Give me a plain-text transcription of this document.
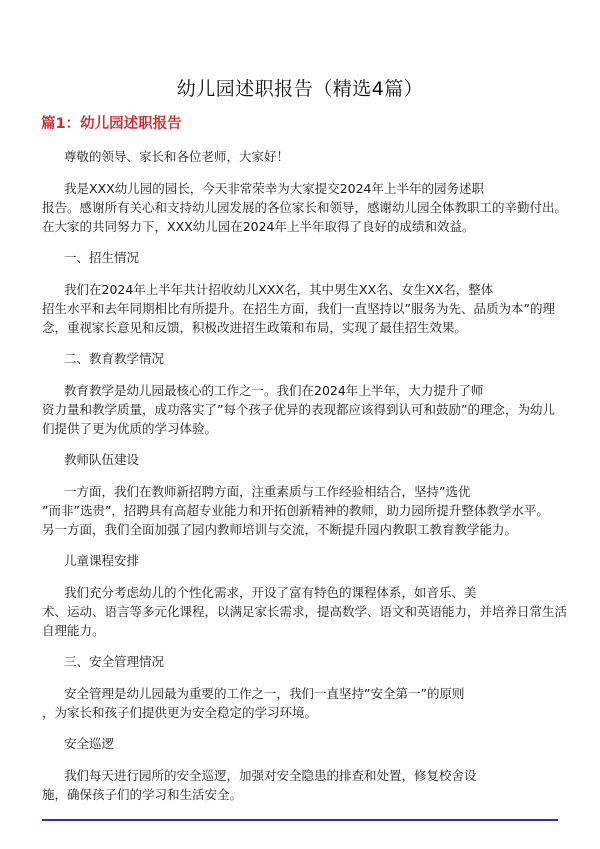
幼儿园述职报告（精选4篇）
篇1：幼儿园述职报告
尊敬的领导、家长和各位老师，大家好！
我是XXX幼儿园的园长，今天非常荣幸为大家提交2024年上半年的园务述职
报告。感谢所有关心和支持幼儿园发展的各位家长和领导，感谢幼儿园全体教职工的辛勤付出。
在大家的共同努力下，XXX幼儿园在2024年上半年取得了良好的成绩和效益。
一、招生情况
我们在2024年上半年共计招收幼儿XXX名，其中男生XX名、女生XX名，整体
招生水平和去年同期相比有所提升。在招生方面，我们一直坚持以”服务为先、品质为本”的理
念，重视家长意见和反馈，积极改进招生政策和布局，实现了最佳招生效果。
二、教育教学情况
教育教学是幼儿园最核心的工作之一。我们在2024年上半年，大力提升了师
资力量和教学质量，成功落实了”每个孩子优异的表现都应该得到认可和鼓励”的理念，为幼儿
们提供了更为优质的学习体验。
教师队伍建设
一方面，我们在教师新招聘方面，注重素质与工作经验相结合，坚持”选优
”而非”选贵”，招聘具有高超专业能力和开拓创新精神的教师，助力园所提升整体教学水平。
另一方面，我们全面加强了园内教师培训与交流，不断提升园内教职工教育教学能力。
儿童课程安排
我们充分考虑幼儿的个性化需求，开设了富有特色的课程体系，如音乐、美
术、运动、语言等多元化课程，以满足家长需求，提高数学、语文和英语能力，并培养日常生活
自理能力。
三、安全管理情况
安全管理是幼儿园最为重要的工作之一，我们一直坚持”安全第一”的原则
，为家长和孩子们提供更为安全稳定的学习环境。
安全巡逻
我们每天进行园所的安全巡逻，加强对安全隐患的排查和处置，修复校舍设
施，确保孩子们的学习和生活安全。
